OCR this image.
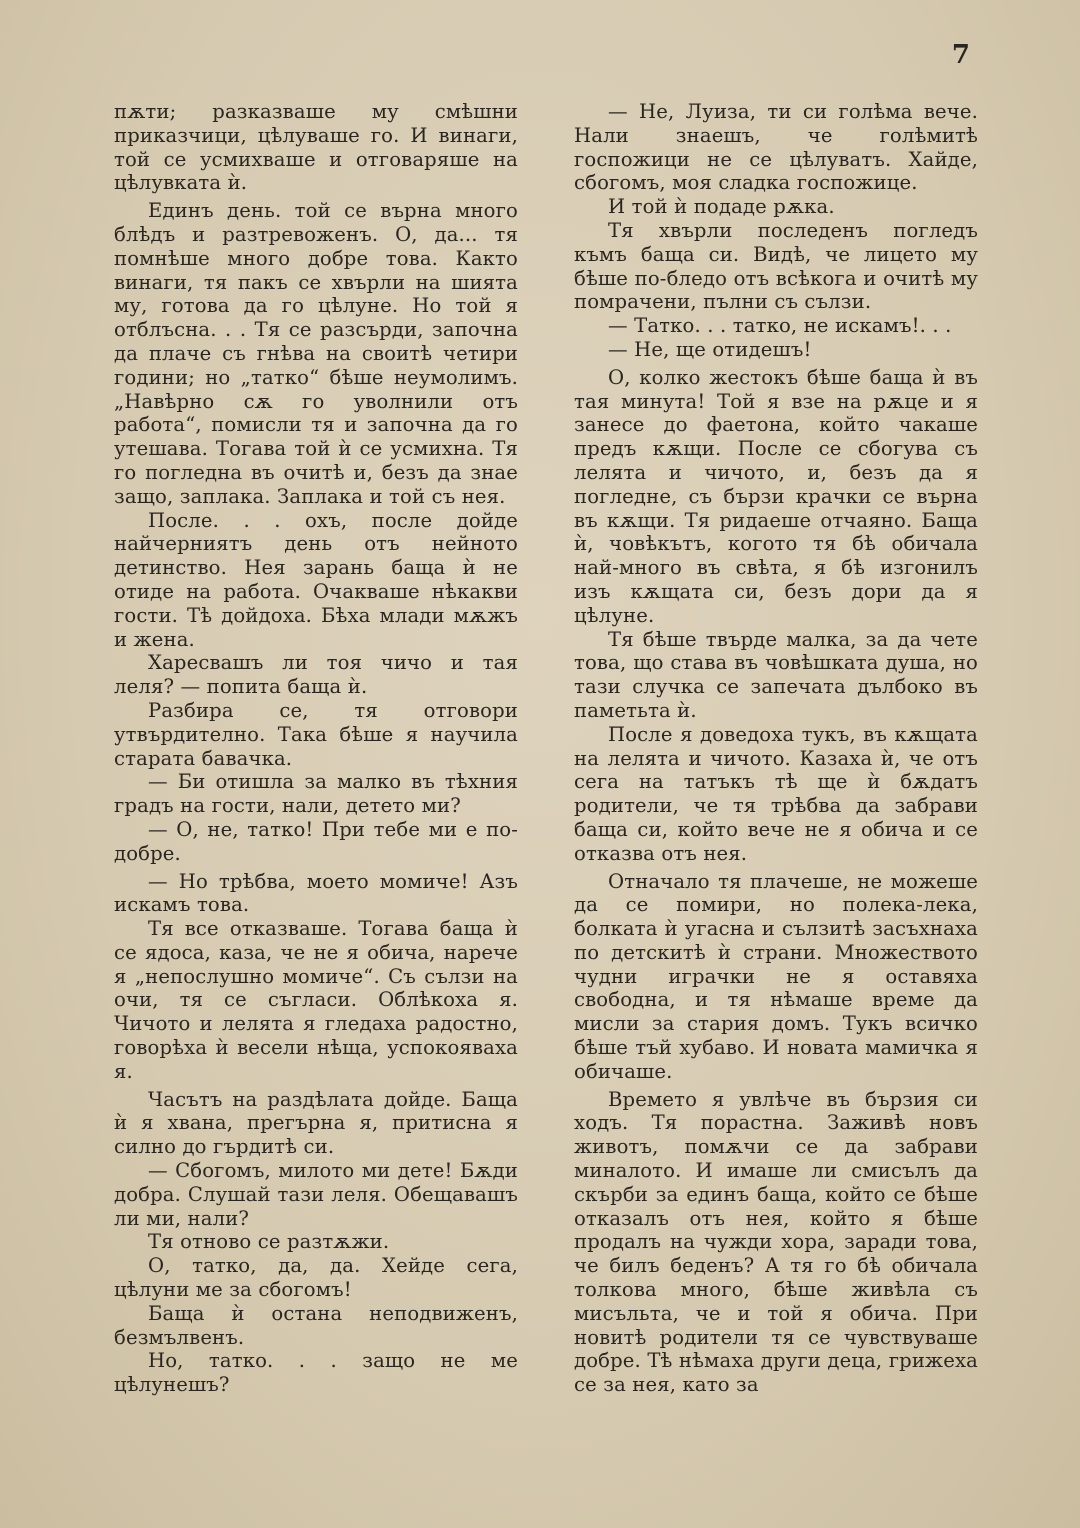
7

пѫти; разказваше му смѣшни приказчици, цѣлуваше го. И винаги, той се усмихваше и отговаряше на цѣлувката ѝ.

Единъ день. той се върна много блѣдъ и разтревоженъ. О, да... тя помнѣше много добре това. Както винаги, тя пакъ се хвърли на шията му, готова да го цѣлуне. Но той я отблъсна. . . Тя се разсърди, започна да плаче съ гнѣва на своитѣ четири години; но „татко“ бѣше неумолимъ. „Навѣрно сѫ го уволнили отъ работа“, помисли тя и започна да го утешава. Тогава той ѝ се усмихна. Тя го погледна въ очитѣ и, безъ да знае защо, заплака. Заплака и той съ нея.

После. . . охъ, после дойде найчерниятъ день отъ нейното детинство. Нея зарань баща ѝ не отиде на работа. Очакваше нѣкакви гости. Тѣ дойдоха. Бѣха млади мѫжъ и жена.

Харесвашъ ли тоя чичо и тая леля? — попита баща ѝ.

Разбира се, тя отговори утвърдително. Така бѣше я научила старата бавачка.

— Би отишла за малко въ тѣхния градъ на гости, нали, детето ми?

— О, не, татко! При тебе ми е по-добре.

— Но трѣбва, моето момиче! Азъ искамъ това.

Тя все отказваше. Тогава баща ѝ се ядоса, каза, че не я обича, нарече я „непослушно момиче“. Съ сълзи на очи, тя се съгласи. Облѣкоха я. Чичото и лелята я гледаха радостно, говорѣха ѝ весели нѣща, успокояваха я.

Часътъ на раздѣлата дойде. Баща ѝ я хвана, прегърна я, притисна я силно до гърдитѣ си.

— Сбогомъ, милото ми дете! Бѫди добра. Слушай тази леля. Обещавашъ ли ми, нали?

Тя отново се разтѫжи.

О, татко, да, да. Хейде сега, цѣлуни ме за сбогомъ!

Баща ѝ остана неподвиженъ, безмълвенъ.

Но, татко. . . защо не ме цѣлунешъ?

— Не, Луиза, ти си голѣма вече. Нали знаешъ, че голѣмитѣ госпожици не се цѣлуватъ. Хайде, сбогомъ, моя сладка госпожице.

И той ѝ подаде рѫка.

Тя хвърли последенъ погледъ къмъ баща си. Видѣ, че лицето му бѣше по-бледо отъ всѣкога и очитѣ му помрачени, пълни съ сълзи.

— Татко. . . татко, не искамъ!. . .

— Не, ще отидешъ!

О, колко жестокъ бѣше баща ѝ въ тая минута! Той я взе на рѫце и я занесе до фаетона, който чакаше предъ кѫщи. После се сбогува съ лелята и чичото, и, безъ да я погледне, съ бързи крачки се върна въ кѫщи. Тя ридаеше отчаяно. Баща ѝ, човѣкътъ, когото тя бѣ обичала най-много въ свѣта, я бѣ изгонилъ изъ кѫщата си, безъ дори да я цѣлуне.

Тя бѣше твърде малка, за да чете това, що става въ човѣшката душа, но тази случка се запечата дълбоко въ паметьта ѝ.

После я доведоха тукъ, въ кѫщата на лелята и чичото. Казаха ѝ, че отъ сега на татъкъ тѣ ще ѝ бѫдатъ родители, че тя трѣбва да забрави баща си, който вече не я обича и се отказва отъ нея.

Отначало тя плачеше, не можеше да се помири, но полека-лека, болката ѝ угасна и сълзитѣ засъхнаха по детскитѣ ѝ страни. Множеството чудни играчки не я оставяха свободна, и тя нѣмаше време да мисли за стария домъ. Тукъ всичко бѣше тъй хубаво. И новата мамичка я обичаше.

Времето я увлѣче въ бързия си ходъ. Тя порастна. Заживѣ новъ животъ, помѫчи се да забрави миналото. И имаше ли смисълъ да скърби за единъ баща, който се бѣше отказалъ отъ нея, който я бѣше продалъ на чужди хора, заради това, че билъ беденъ? А тя го бѣ обичала толкова много, бѣше живѣла съ мисъльта, че и той я обича. При новитѣ родители тя се чувствуваше добре. Тѣ нѣмаха други деца, грижеха се за нея, като за
